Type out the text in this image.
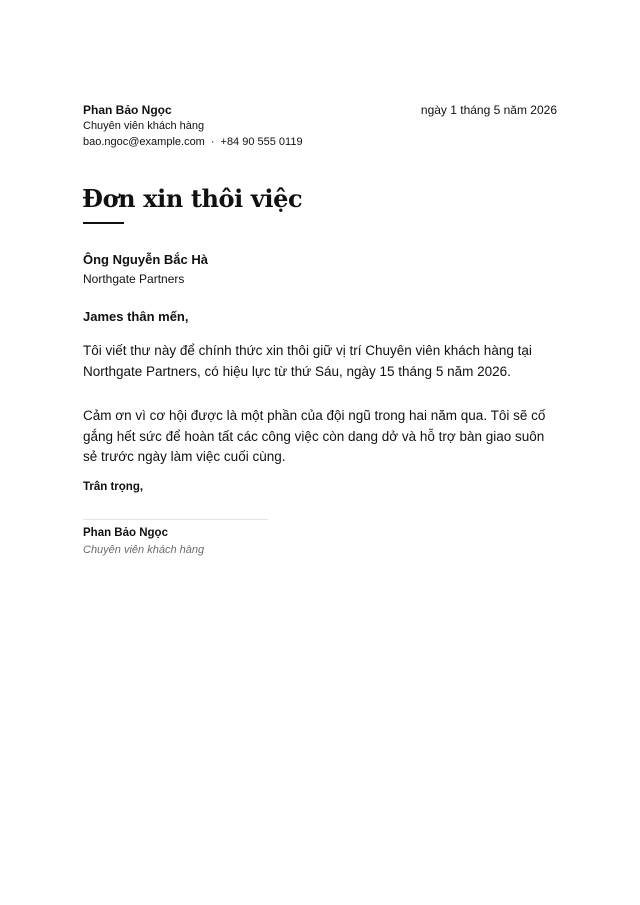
Phan Bảo Ngọc
Chuyên viên khách hàng
bao.ngoc@example.com · +84 90 555 0119
ngày 1 tháng 5 năm 2026
Đơn xin thôi việc
Ông Nguyễn Bắc Hà
Northgate Partners
James thân mến,

Tôi viết thư này để chính thức xin thôi giữ vị trí Chuyên viên khách hàng tại Northgate Partners, có hiệu lực từ thứ Sáu, ngày 15 tháng 5 năm 2026.

Cảm ơn vì cơ hội được là một phần của đội ngũ trong hai năm qua. Tôi sẽ cố gắng hết sức để hoàn tất các công việc còn dang dở và hỗ trợ bàn giao suôn sẻ trước ngày làm việc cuối cùng.

Trân trọng,
Phan Bảo Ngọc
Chuyên viên khách hàng
